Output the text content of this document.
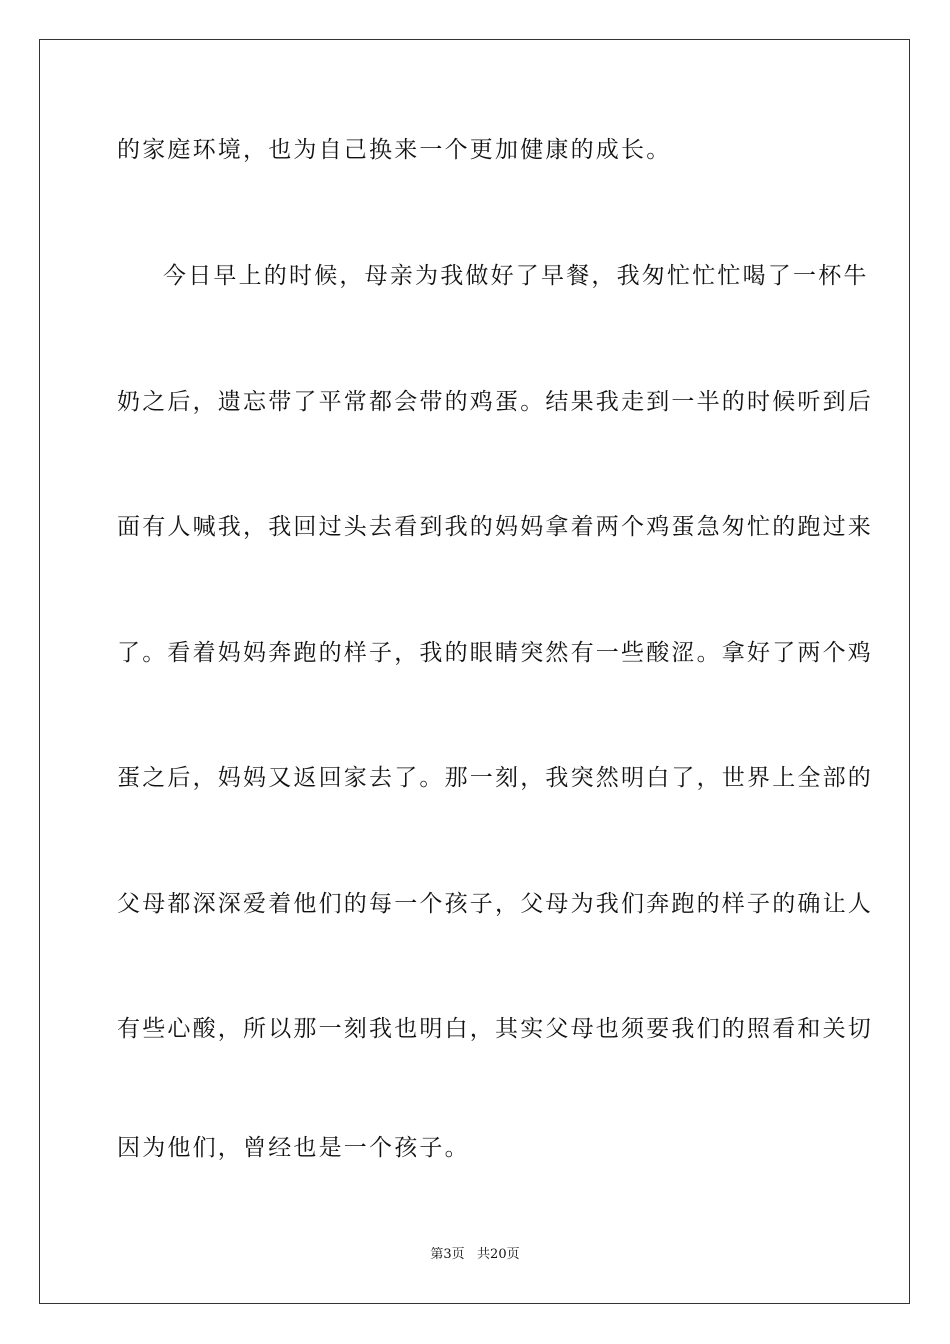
的家庭环境，也为自己换来一个更加健康的成长。
今日早上的时候，母亲为我做好了早餐，我匆忙忙忙喝了一杯牛
奶之后，遗忘带了平常都会带的鸡蛋。结果我走到一半的时候听到后
面有人喊我，我回过头去看到我的妈妈拿着两个鸡蛋急匆忙的跑过来
了。看着妈妈奔跑的样子，我的眼睛突然有一些酸涩。拿好了两个鸡
蛋之后，妈妈又返回家去了。那一刻，我突然明白了，世界上全部的
父母都深深爱着他们的每一个孩子，父母为我们奔跑的样子的确让人
有些心酸，所以那一刻我也明白，其实父母也须要我们的照看和关切
因为他们，曾经也是一个孩子。
第3页   共20页
